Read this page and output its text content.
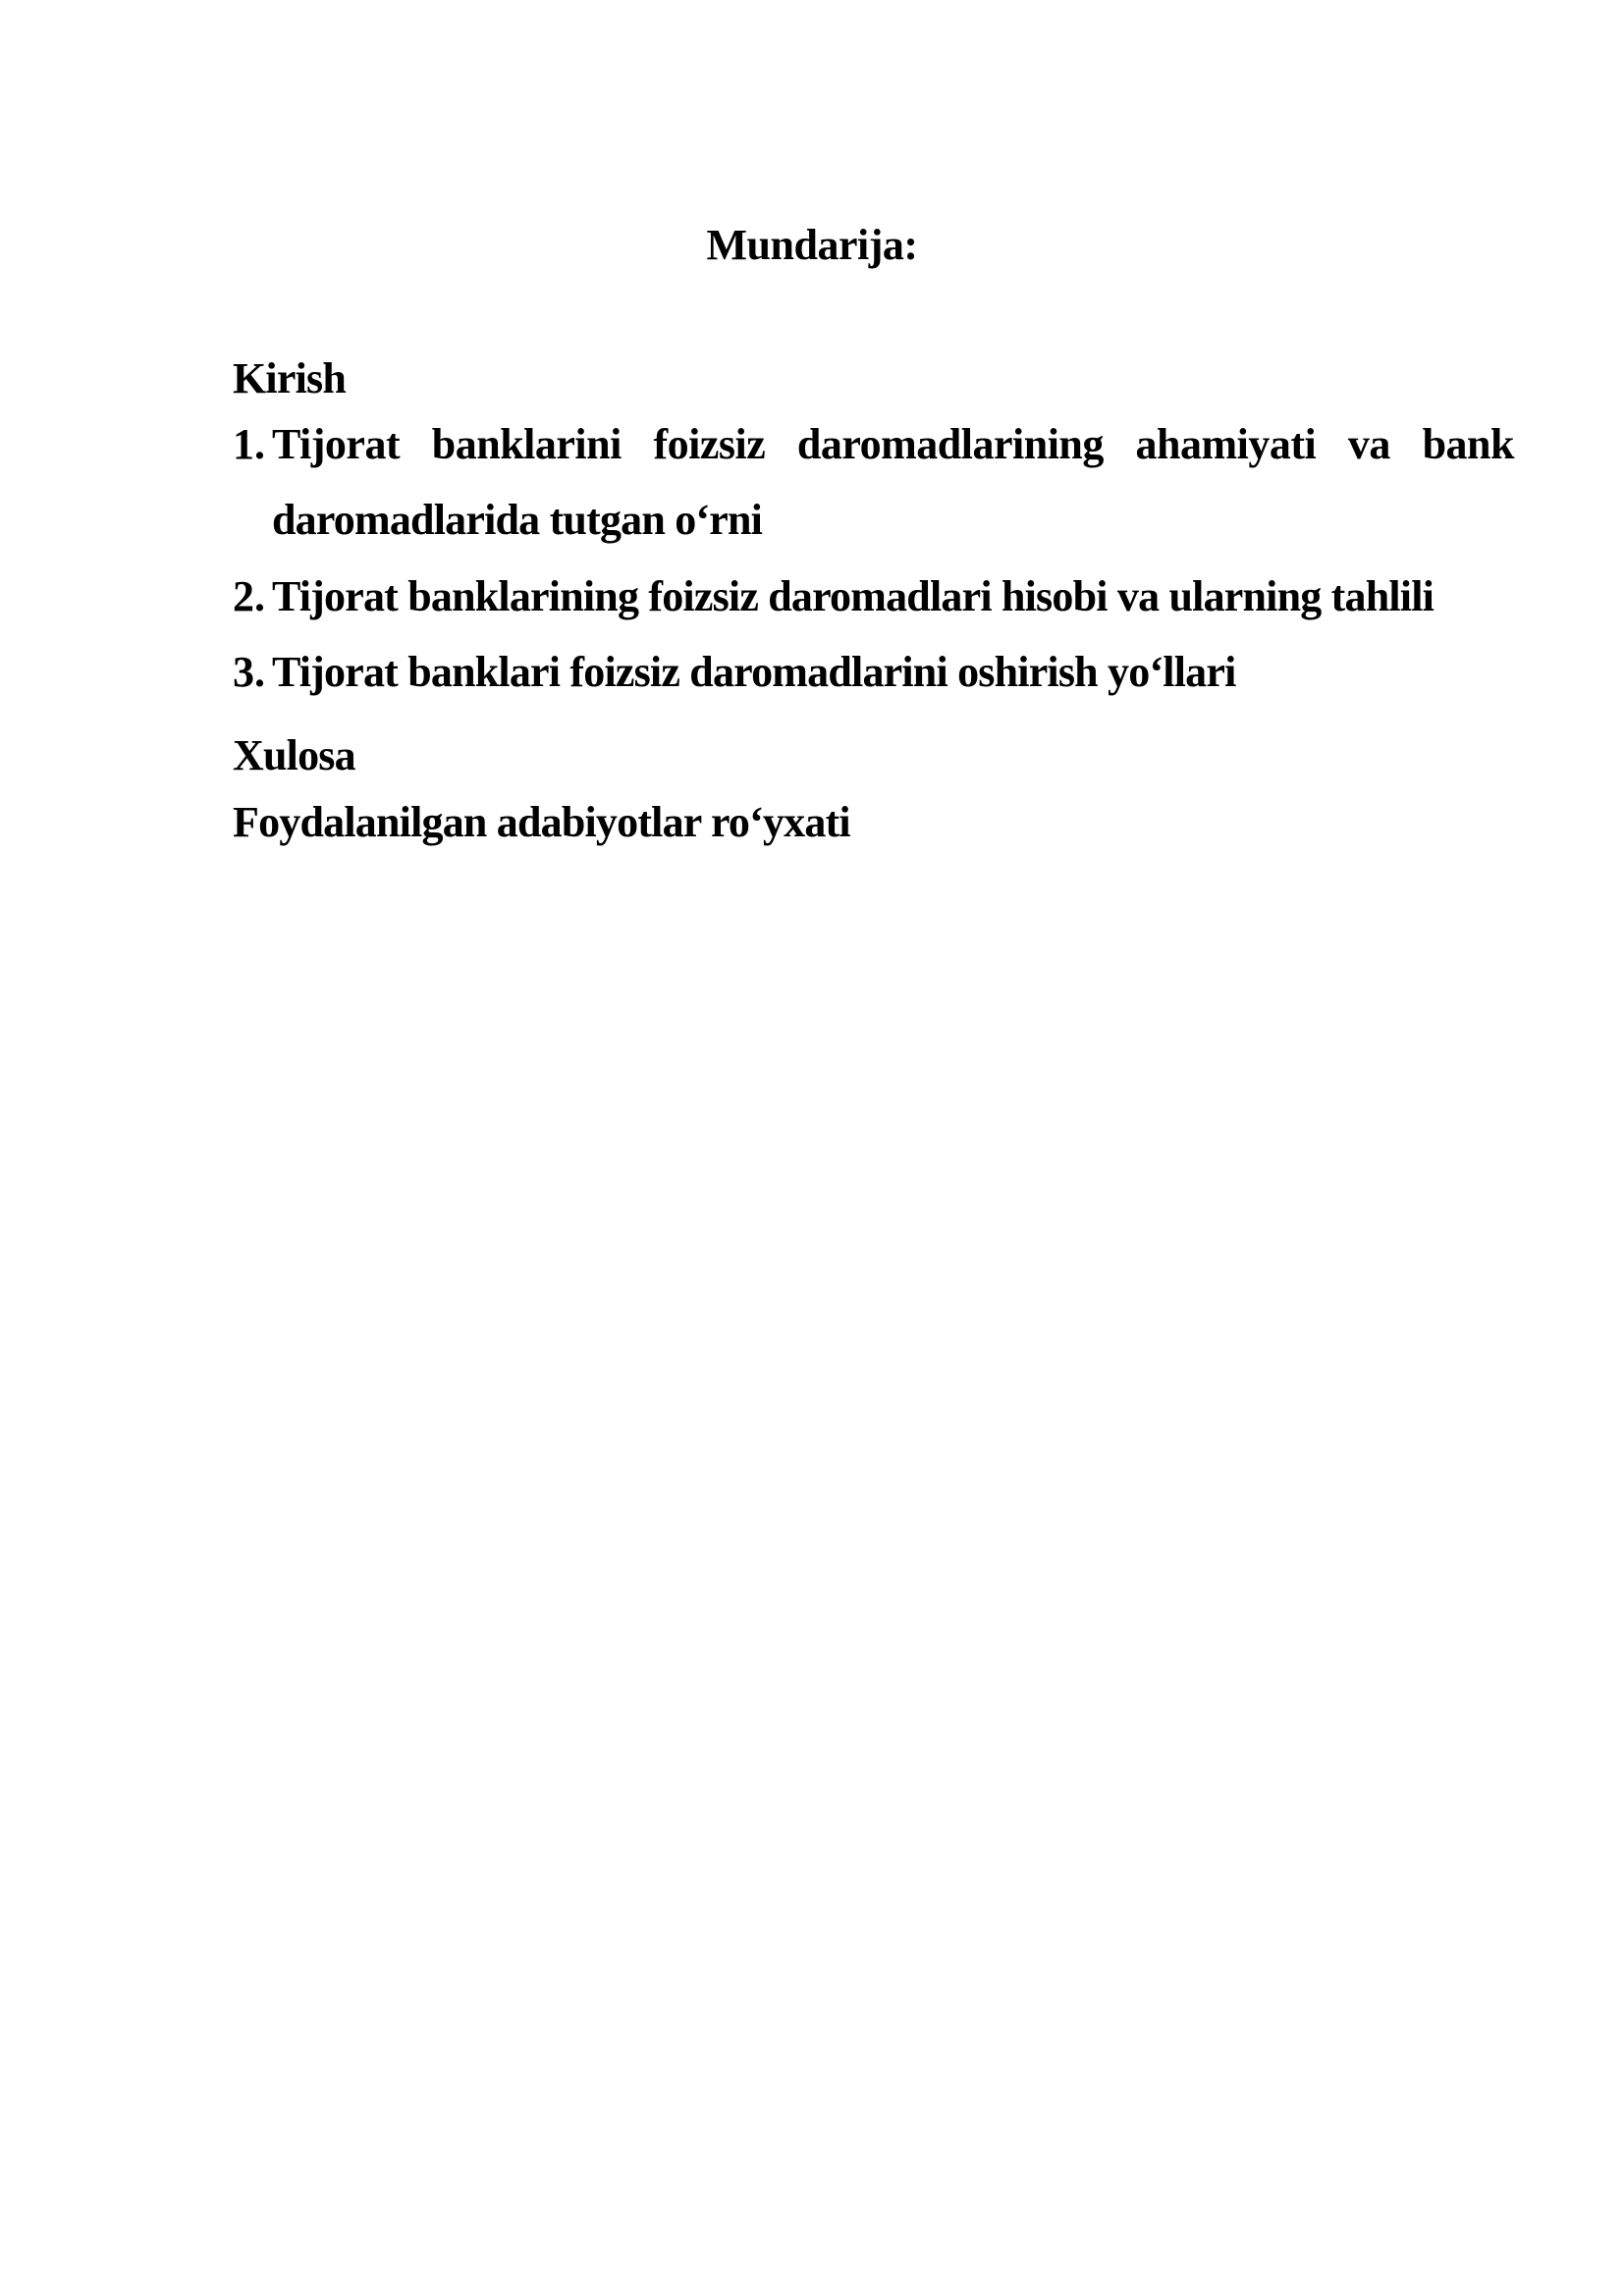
Mundarija:
Kirish
1. Tijorat banklarini foizsiz daromadlarining ahamiyati va bank
daromadlarida tutgan o‘rni
2. Tijorat banklarining foizsiz daromadlari hisobi va ularning tahlili
3. Tijorat banklari foizsiz daromadlarini oshirish yo‘llari
Xulosa
Foydalanilgan adabiyotlar ro‘yxati
